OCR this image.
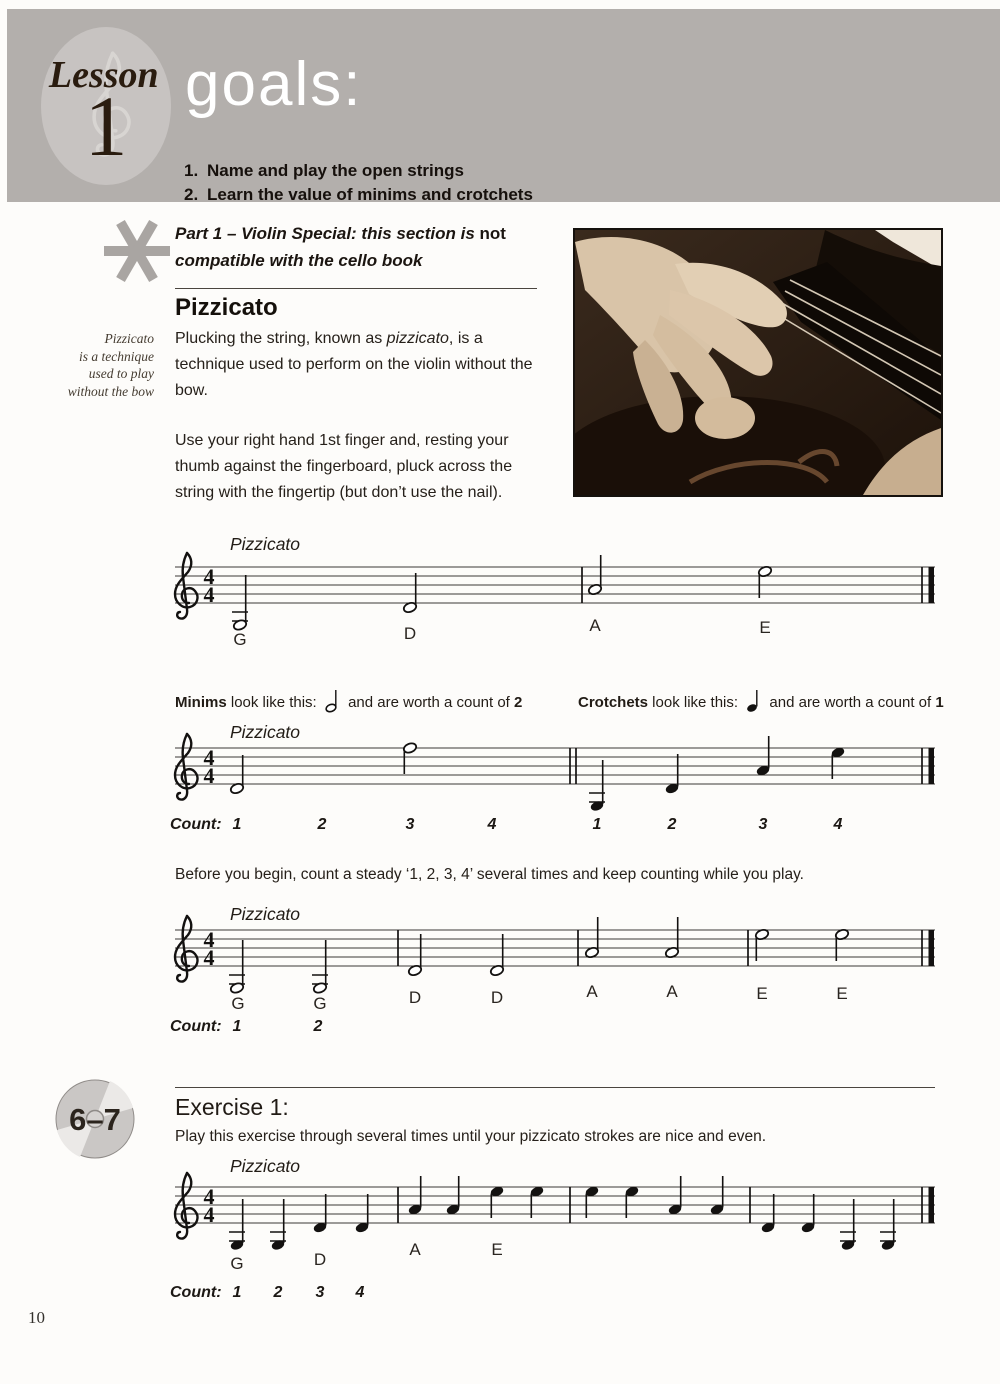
Lesson
1 goals:
1. Name and play the open strings
2. Learn the value of minims and crotchets
Part 1 – Violin Special: this section is not
compatible with the cello book
Pizzicato
Pizzicato
is a technique
used to play
without the bow

Plucking the string, known as pizzicato, is a technique used to perform on the violin without the bow.

Use your right hand 1st finger and, resting your thumb against the fingerboard, pluck across the string with the fingertip (but don’t use the nail).

Pizzicato
4
4
G	D	A	E
Minims look like this:  and are worth a count of 2	Crotchets look like this:  and are worth a count of 1
Pizzicato
4
4
Count: 1	2	3	4	1	2	3	4
Before you begin, count a steady ‘1, 2, 3, 4’ several times and keep counting while you play.
Pizzicato
4
4
G	G	D	D	A	A	E	E
Count: 1	2
6–7 Exercise 1:
Play this exercise through several times until your pizzicato strokes are nice and even.
Pizzicato
4
4
G	D
A	E
Count: 1 2 3 4
10
